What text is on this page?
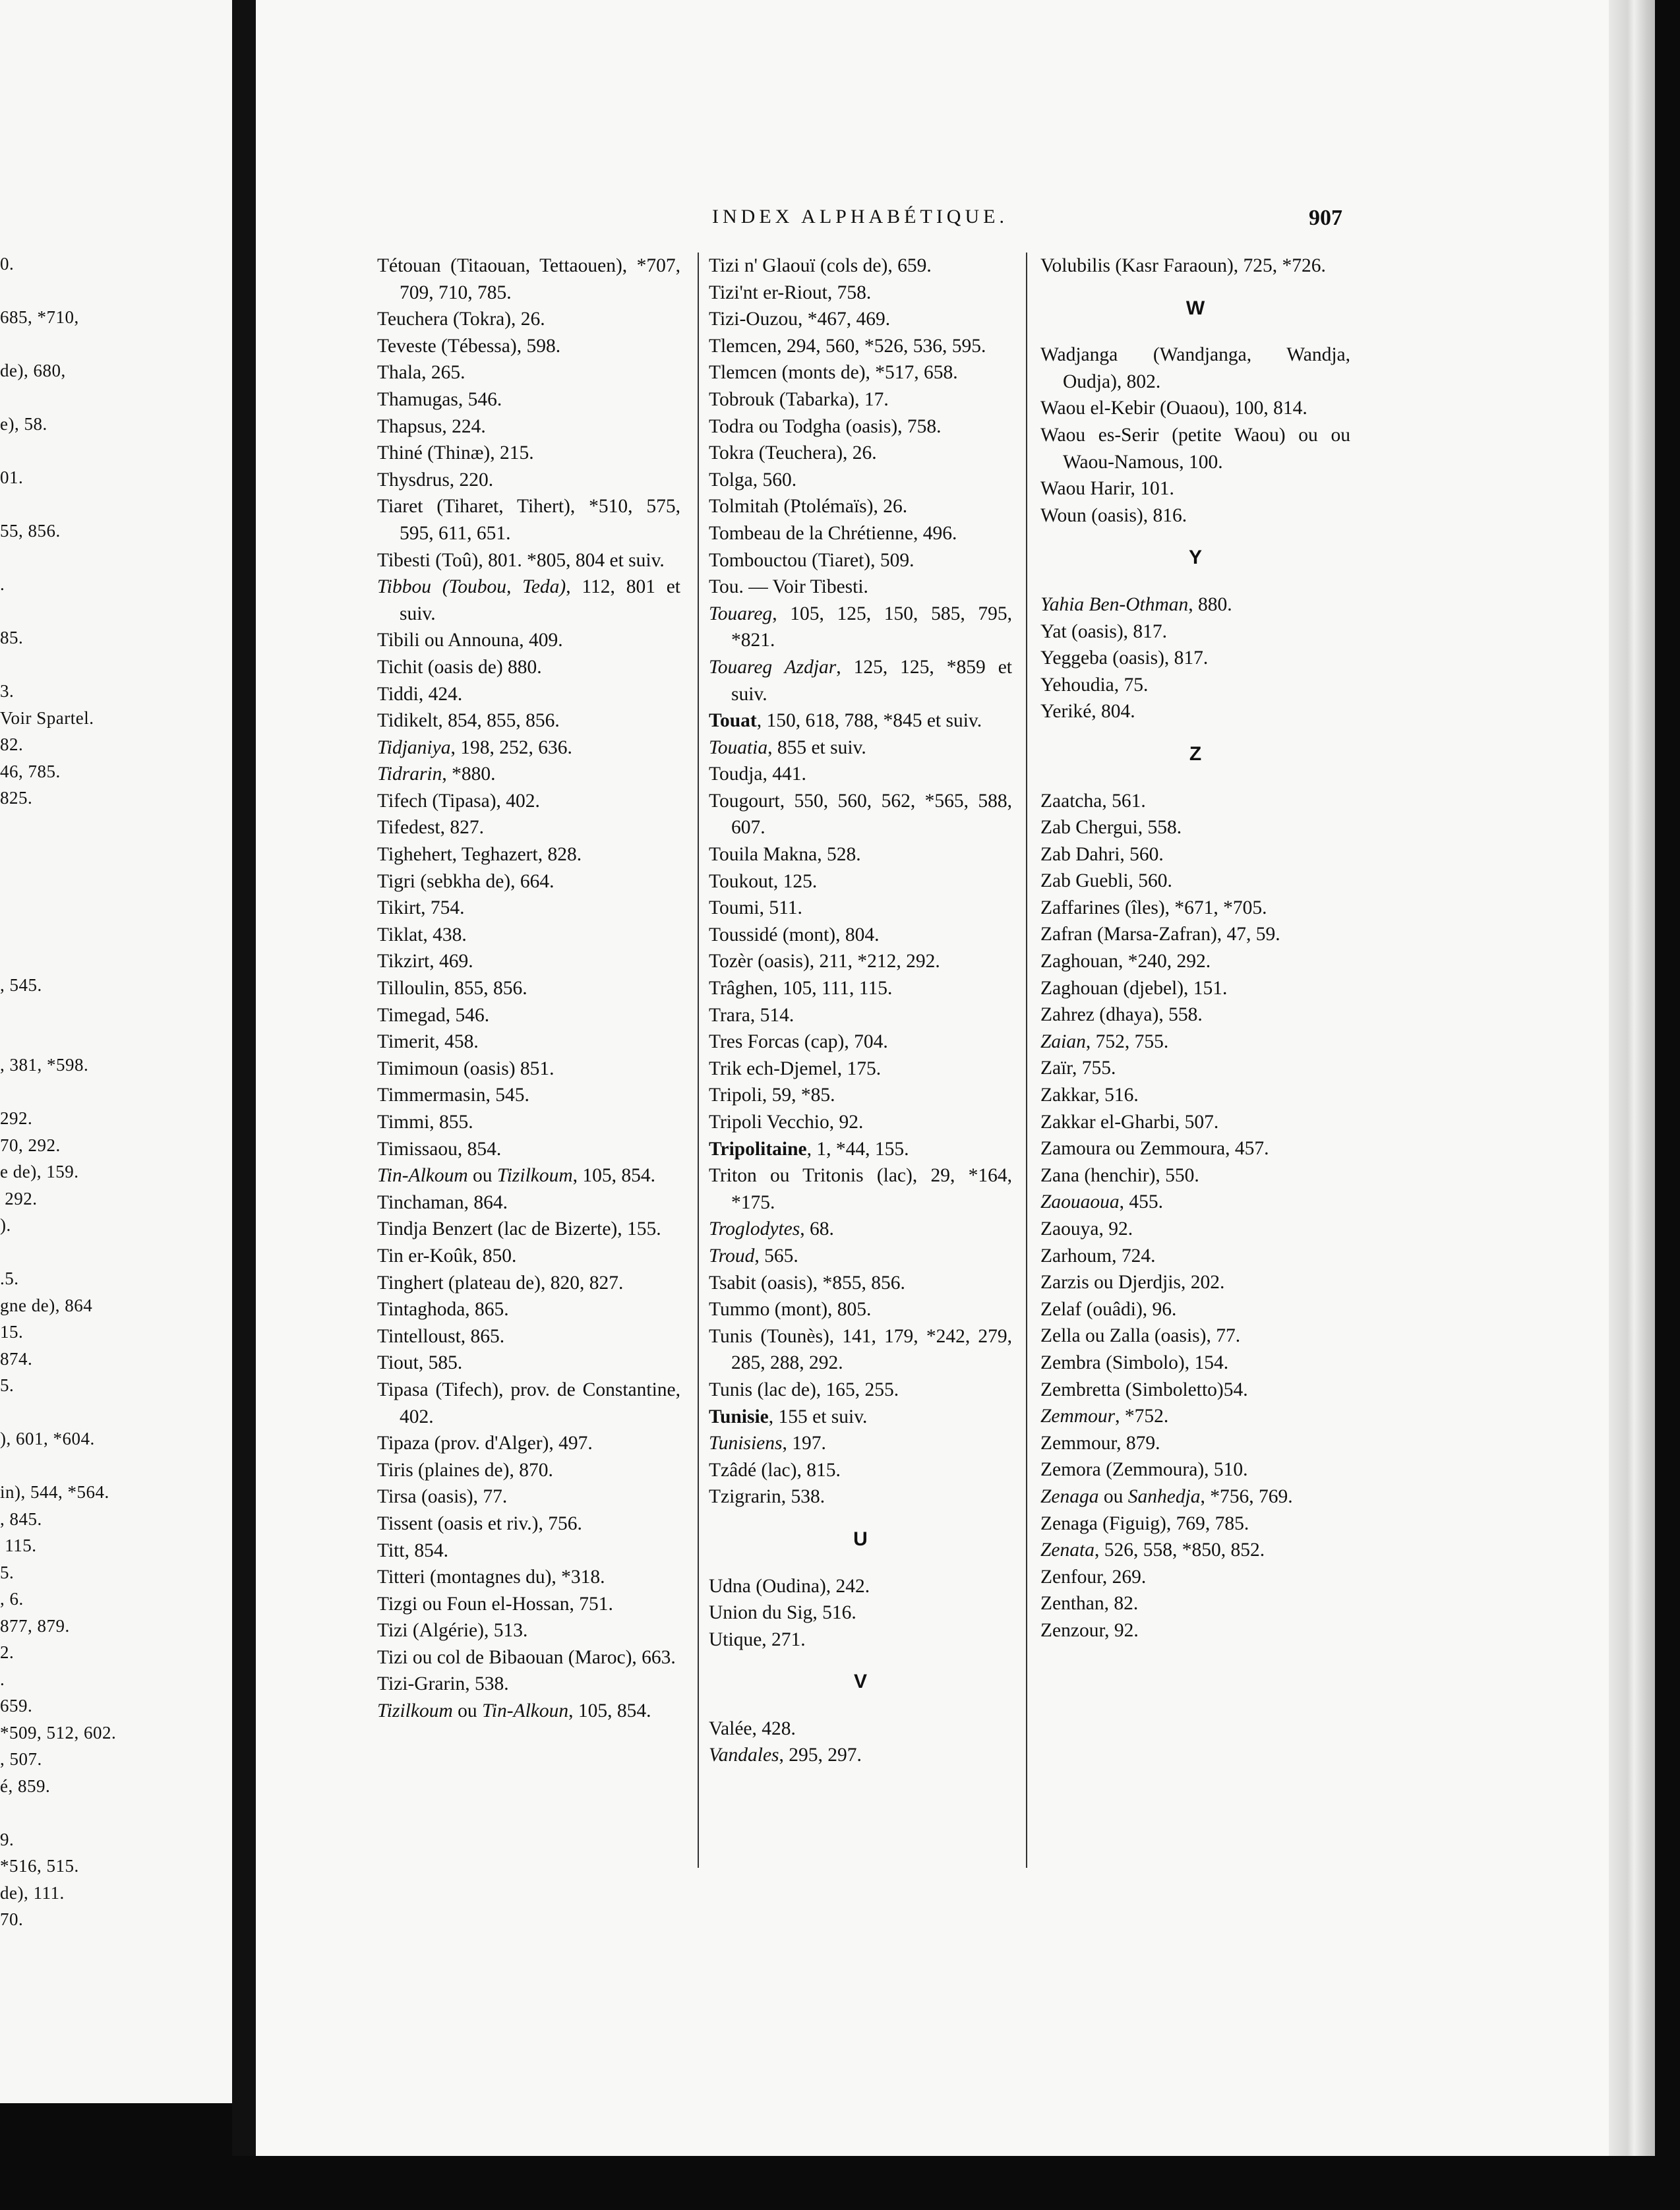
0.
685, *710,
de), 680,
e), 58.
01.
55, 856.
.
85.
3.
Voir Spartel.
82.
46, 785.
825.
, 545.
, 381, *598.
292.
70, 292.
e de), 159.
292.
).
.5.
gne de), 864
15.
874.
5.
), 601, *604.
in), 544, *564.
, 845.
115.
5.
, 6.
877, 879.
2.
.
659.
*509, 512, 602.
, 507.
é, 859.
9.
*516, 515.
de), 111.
70.
INDEX ALPHABÉTIQUE.	907
Tétouan (Titaouan, Tettaouen), *707, 709, 710, 785.
Teuchera (Tokra), 26.
Teveste (Tébessa), 598.
Thala, 265.
Thamugas, 546.
Thapsus, 224.
Thiné (Thinæ), 215.
Thysdrus, 220.
Tiaret (Tiharet, Tihert), *510, 575, 595, 611, 651.
Tibesti (Toû), 801. *805, 804 et suiv.
Tibbou (Toubou, Teda), 112, 801 et suiv.
Tibili ou Announa, 409.
Tichit (oasis de) 880.
Tiddi, 424.
Tidikelt, 854, 855, 856.
Tidjaniya, 198, 252, 636.
Tidrarin, *880.
Tifech (Tipasa), 402.
Tifedest, 827.
Tighehert, Teghazert, 828.
Tigri (sebkha de), 664.
Tikirt, 754.
Tiklat, 438.
Tikzirt, 469.
Tilloulin, 855, 856.
Timegad, 546.
Timerit, 458.
Timimoun (oasis) 851.
Timmermasin, 545.
Timmi, 855.
Timissaou, 854.
Tin-Alkoum ou Tizilkoum, 105, 854.
Tinchaman, 864.
Tindja Benzert (lac de Bizerte), 155.
Tin er-Koûk, 850.
Tinghert (plateau de), 820, 827.
Tintaghoda, 865.
Tintelloust, 865.
Tiout, 585.
Tipasa (Tifech), prov. de Constantine, 402.
Tipaza (prov. d'Alger), 497.
Tiris (plaines de), 870.
Tirsa (oasis), 77.
Tissent (oasis et riv.), 756.
Titt, 854.
Titteri (montagnes du), *318.
Tizgi ou Foun el-Hossan, 751.
Tizi (Algérie), 513.
Tizi ou col de Bibaouan (Maroc), 663.
Tizi-Grarin, 538.
Tizilkoum ou Tin-Alkoun, 105, 854.
Tizi n' Glaouï (cols de), 659.
Tizi'nt er-Riout, 758.
Tizi-Ouzou, *467, 469.
Tlemcen, 294, 560, *526, 536, 595.
Tlemcen (monts de), *517, 658.
Tobrouk (Tabarka), 17.
Todra ou Todgha (oasis), 758.
Tokra (Teuchera), 26.
Tolga, 560.
Tolmitah (Ptolémaïs), 26.
Tombeau de la Chrétienne, 496.
Tombouctou (Tiaret), 509.
Tou. — Voir Tibesti.
Touareg, 105, 125, 150, 585, 795, *821.
Touareg Azdjar, 125, 125, *859 et suiv.
Touat, 150, 618, 788, *845 et suiv.
Touatia, 855 et suiv.
Toudja, 441.
Tougourt, 550, 560, 562, *565, 588, 607.
Touila Makna, 528.
Toukout, 125.
Toumi, 511.
Toussidé (mont), 804.
Tozèr (oasis), 211, *212, 292.
Trâghen, 105, 111, 115.
Trara, 514.
Tres Forcas (cap), 704.
Trik ech-Djemel, 175.
Tripoli, 59, *85.
Tripoli Vecchio, 92.
Tripolitaine, 1, *44, 155.
Triton ou Tritonis (lac), 29, *164, *175.
Troglodytes, 68.
Troud, 565.
Tsabit (oasis), *855, 856.
Tummo (mont), 805.
Tunis (Tounès), 141, 179, *242, 279, 285, 288, 292.
Tunis (lac de), 165, 255.
Tunisie, 155 et suiv.
Tunisiens, 197.
Tzâdé (lac), 815.
Tzigrarin, 538.
U
Udna (Oudina), 242.
Union du Sig, 516.
Utique, 271.
V
Valée, 428.
Vandales, 295, 297.
Volubilis (Kasr Faraoun), 725, *726.
W
Wadjanga (Wandjanga, Wandja, Oudja), 802.
Waou el-Kebir (Ouaou), 100, 814.
Waou es-Serir (petite Waou) ou ou Waou-Namous, 100.
Waou Harir, 101.
Woun (oasis), 816.
Y
Yahia Ben-Othman, 880.
Yat (oasis), 817.
Yeggeba (oasis), 817.
Yehoudia, 75.
Yeriké, 804.
Z
Zaatcha, 561.
Zab Chergui, 558.
Zab Dahri, 560.
Zab Guebli, 560.
Zaffarines (îles), *671, *705.
Zafran (Marsa-Zafran), 47, 59.
Zaghouan, *240, 292.
Zaghouan (djebel), 151.
Zahrez (dhaya), 558.
Zaian, 752, 755.
Zaïr, 755.
Zakkar, 516.
Zakkar el-Gharbi, 507.
Zamoura ou Zemmoura, 457.
Zana (henchir), 550.
Zaouaoua, 455.
Zaouya, 92.
Zarhoum, 724.
Zarzis ou Djerdjis, 202.
Zelaf (ouâdi), 96.
Zella ou Zalla (oasis), 77.
Zembra (Simbolo), 154.
Zembretta (Simboletto)54.
Zemmour, *752.
Zemmour, 879.
Zemora (Zemmoura), 510.
Zenaga ou Sanhedja, *756, 769.
Zenaga (Figuig), 769, 785.
Zenata, 526, 558, *850, 852.
Zenfour, 269.
Zenthan, 82.
Zenzour, 92.
